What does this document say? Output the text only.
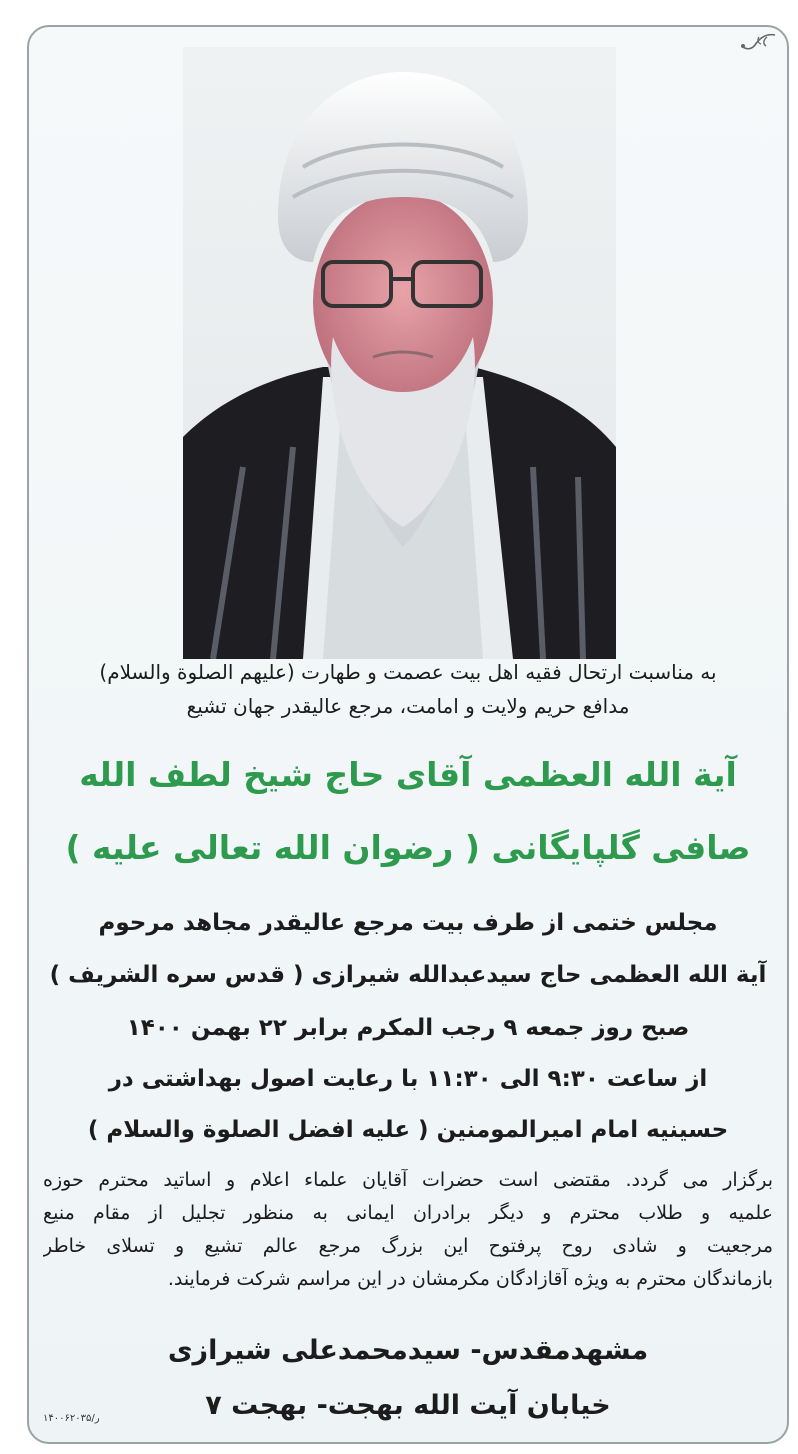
به مناسبت ارتحال فقیه اهل بیت عصمت و طهارت (علیهم الصلوة والسلام)
مدافع حریم ولایت و امامت، مرجع عالیقدر جهان تشیع
آیة الله العظمی آقای حاج شیخ لطف الله
صافی گلپایگانی ( رضوان الله تعالی علیه )
مجلس ختمی از طرف بیت مرجع عالیقدر مجاهد مرحوم
آیة الله العظمی حاج سیدعبدالله شیرازی ( قدس سره الشریف )
صبح روز جمعه ۹ رجب المکرم برابر ۲۲ بهمن ۱۴۰۰
از ساعت ۹:۳۰ الی ۱۱:۳۰ با رعایت اصول بهداشتی در
حسینیه امام امیرالمومنین ( علیه افضل الصلوة والسلام )
برگزار می گردد. مقتضی است حضرات آقایان علماء اعلام و اساتید محترم حوزه
علمیه و طلاب محترم و دیگر برادران ایمانی به منظور تجلیل از مقام منیع
مرجعیت و شادی روح پرفتوح این بزرگ مرجع عالم تشیع و تسلای خاطر
بازماندگان محترم به ویژه آقازادگان مکرمشان در این مراسم شرکت فرمایند.
مشهدمقدس- سیدمحمدعلی شیرازی
خیابان آیت الله بهجت- بهجت ۷
۱۴۰۰۶۲۰۳۵/ر
